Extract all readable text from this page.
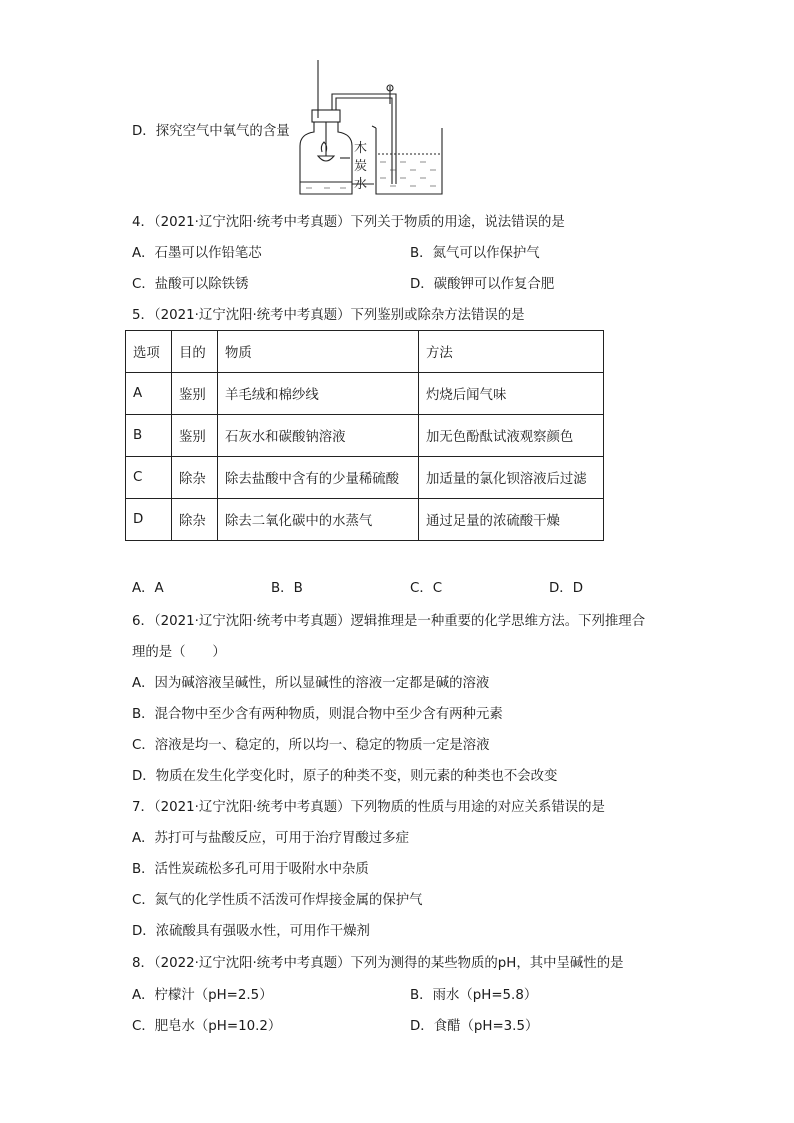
D．探究空气中氧气的含量
木
炭
水
4．（2021·辽宁沈阳·统考中考真题）下列关于物质的用途，说法错误的是
A．石墨可以作铅笔芯	B．氮气可以作保护气
C．盐酸可以除铁锈	D．碳酸钾可以作复合肥
5．（2021·辽宁沈阳·统考中考真题）下列鉴别或除杂方法错误的是
选项	目的	物质	方法
A	鉴别	羊毛绒和棉纱线	灼烧后闻气味
B	鉴别	石灰水和碳酸钠溶液	加无色酚酞试液观察颜色
C	除杂	除去盐酸中含有的少量稀硫酸	加适量的氯化钡溶液后过滤
D	除杂	除去二氧化碳中的水蒸气	通过足量的浓硫酸干燥
A．A	B．B	C．C	D．D
6．（2021·辽宁沈阳·统考中考真题）逻辑推理是一种重要的化学思维方法。下列推理合
理的是（　　）
A．因为碱溶液呈碱性，所以显碱性的溶液一定都是碱的溶液
B．混合物中至少含有两种物质，则混合物中至少含有两种元素
C．溶液是均一、稳定的，所以均一、稳定的物质一定是溶液
D．物质在发生化学变化时，原子的种类不变，则元素的种类也不会改变
7．（2021·辽宁沈阳·统考中考真题）下列物质的性质与用途的对应关系错误的是
A．苏打可与盐酸反应，可用于治疗胃酸过多症
B．活性炭疏松多孔可用于吸附水中杂质
C．氮气的化学性质不活泼可作焊接金属的保护气
D．浓硫酸具有强吸水性，可用作干燥剂
8．（2022·辽宁沈阳·统考中考真题）下列为测得的某些物质的pH，其中呈碱性的是
A．柠檬汁（pH=2.5）	B．雨水（pH=5.8）
C．肥皂水（pH=10.2）	D．食醋（pH=3.5）
